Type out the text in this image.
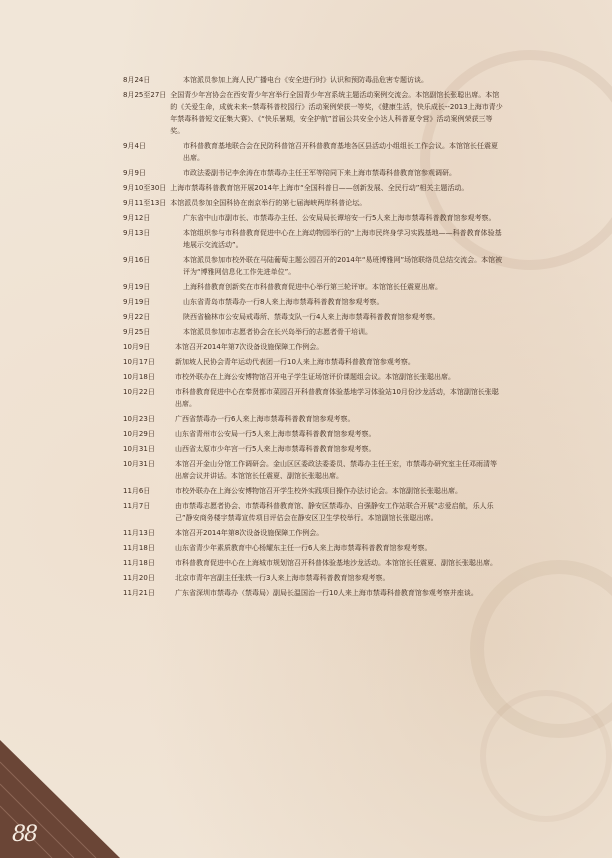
8月24日	本馆派员参加上海人民广播电台《安全进行时》认识和预防毒品危害专题访谈。
8月25至27日 全国青少年宫协会在西安青少年宫举行全国青少年宫系统主题活动案例交流会。本馆副馆长张聪出席。本馆的《关爱生命，成就未来--禁毒科普校园行》活动案例荣获一等奖，《健康生活，快乐成长--2013上海市青少年禁毒科普短文征集大赛》、《“快乐暑期，安全护航”首届公共安全小达人科普夏令营》活动案例荣获三等奖。
9月4日	市科普教育基地联合会在民防科普馆召开科普教育基地各区县活动小组组长工作会议。本馆馆长任震夏出席。
9月9日	市政法委副书记李余涛在市禁毒办主任王军等陪同下来上海市禁毒科普教育馆参观调研。
9月10至30日 上海市禁毒科普教育馆开展2014年上海市“全国科普日——创新发展、全民行动”相关主题活动。
9月11至13日 本馆派员参加全国科协在南京举行的第七届海峡两岸科普论坛。
9月12日	广东省中山市副市长、市禁毒办主任、公安局局长谭培安一行5人来上海市禁毒科普教育馆参观考察。
9月13日	本馆组织参与市科普教育促进中心在上海动物园举行的“上海市民终身学习实践基地——科普教育体验基地展示交流活动”。
9月16日	本馆派员参加市校外联在马陆葡萄主题公园召开的2014年“易班博雅网”场馆联络员总结交流会。本馆被评为“博雅网信息化工作先进单位”。
9月19日	上海科普教育创新奖在市科普教育促进中心举行第三轮评审。本馆馆长任震夏出席。
9月19日	山东省青岛市禁毒办一行8人来上海市禁毒科普教育馆参观考察。
9月22日	陕西省榆林市公安局戒毒所、禁毒支队一行4人来上海市禁毒科普教育馆参观考察。
9月25日	本馆派员参加市志愿者协会在长兴岛举行的志愿者骨干培训。
10月9日	本馆召开2014年第7次设备设施保障工作例会。
10月17日	新加坡人民协会青年运动代表团一行10人来上海市禁毒科普教育馆参观考察。
10月18日	市校外联办在上海公安博物馆召开电子学生证场馆评价课题组会议。本馆副馆长张聪出席。
10月22日	市科普教育促进中心在奉贤都市菜园召开科普教育体验基地学习体验站10月份沙龙活动，本馆副馆长张聪出席。
10月23日	广西省禁毒办一行6人来上海市禁毒科普教育馆参观考察。
10月29日	山东省青州市公安局一行5人来上海市禁毒科普教育馆参观考察。
10月31日	山西省太原市少年宫一行5人来上海市禁毒科普教育馆参观考察。
10月31日	本馆召开金山分馆工作调研会。金山区区委政法委委员、禁毒办主任王宏，市禁毒办研究室主任邓雨清等出席会议并讲话。本馆馆长任震夏、副馆长张聪出席。
11月6日	市校外联办在上海公安博物馆召开学生校外实践项目操作办法讨论会。本馆副馆长张聪出席。
11月7日	由市禁毒志愿者协会、市禁毒科普教育馆、静安区禁毒办、自强静安工作站联合开展“志爱启航，乐人乐己”静安商务楼宇禁毒宣传项目评估会在静安区卫生学校举行。本馆副馆长张聪出席。
11月13日	本馆召开2014年第8次设备设施保障工作例会。
11月18日	山东省青少年素质教育中心杨耀东主任一行6人来上海市禁毒科普教育馆参观考察。
11月18日	市科普教育促进中心在上海城市规划馆召开科普体验基地沙龙活动。本馆馆长任震夏、副馆长张聪出席。
11月20日	北京市青年宫副主任张轶一行3人来上海市禁毒科普教育馆参观考察。
11月21日	广东省深圳市禁毒办（禁毒局）副局长温国治一行10人来上海市禁毒科普教育馆参观考察并座谈。
88
